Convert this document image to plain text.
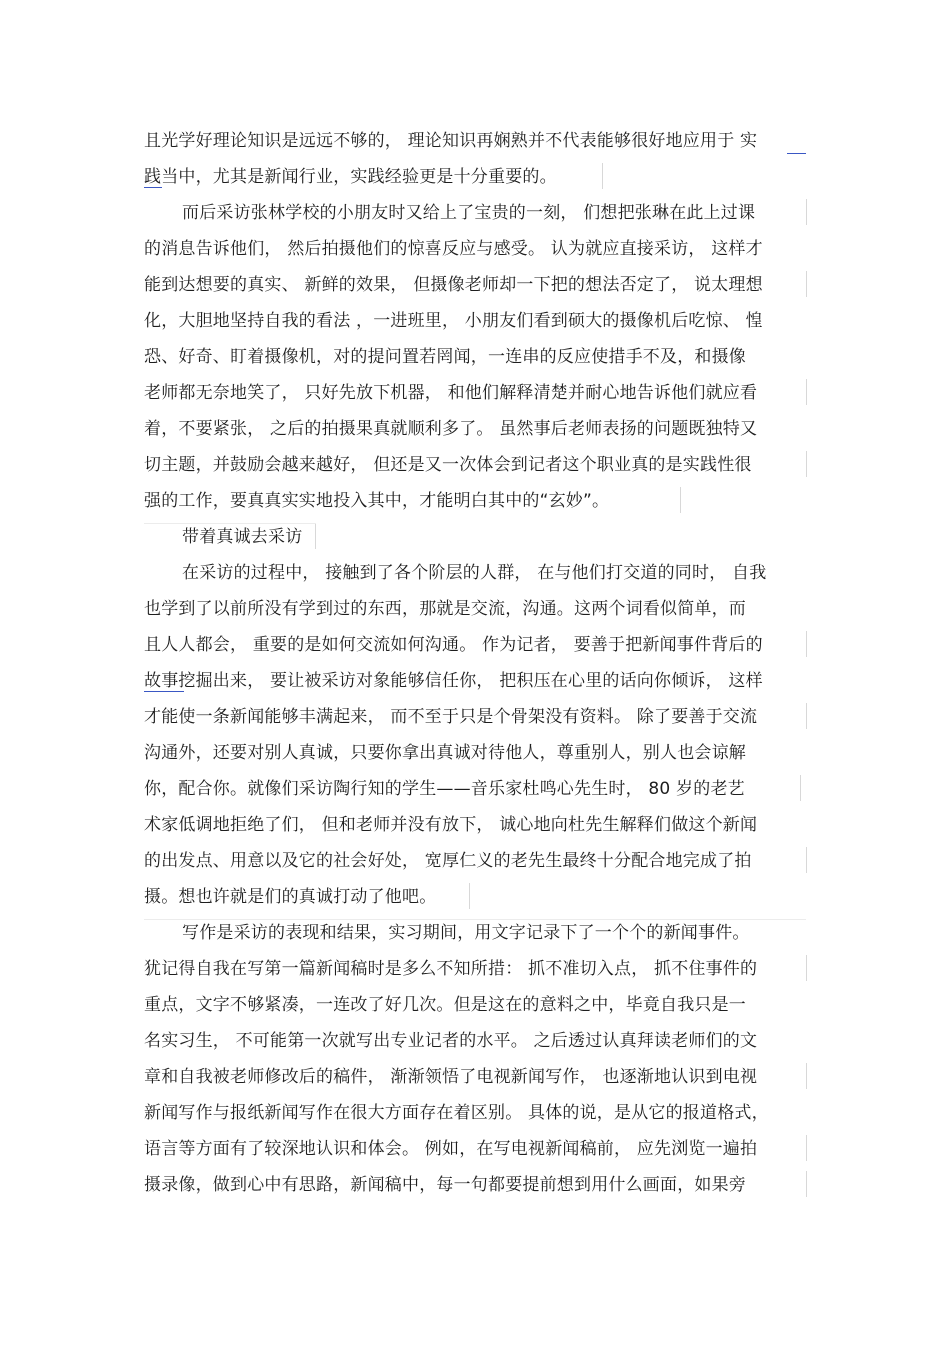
且光学好理论知识是远远不够的， 理论知识再娴熟并不代表能够很好地应用于 实
践当中，尤其是新闻行业，实践经验更是十分重要的。
而后采访张林学校的小朋友时又给上了宝贵的一刻， 们想把张琳在此上过课
的消息告诉他们， 然后拍摄他们的惊喜反应与感受。 认为就应直接采访， 这样才
能到达想要的真实、 新鲜的效果， 但摄像老师却一下把的想法否定了， 说太理想
化，大胆地坚持自我的看法 ，一进班里， 小朋友们看到硕大的摄像机后吃惊、 惶
恐、好奇、盯着摄像机，对的提问置若罔闻，一连串的反应使措手不及，和摄像
老师都无奈地笑了， 只好先放下机器， 和他们解释清楚并耐心地告诉他们就应看
着，不要紧张， 之后的拍摄果真就顺利多了。 虽然事后老师表扬的问题既独特又
切主题，并鼓励会越来越好， 但还是又一次体会到记者这个职业真的是实践性很
强的工作，要真真实实地投入其中，才能明白其中的“玄妙”。
带着真诚去采访
在采访的过程中， 接触到了各个阶层的人群， 在与他们打交道的同时， 自我
也学到了以前所没有学到过的东西，那就是交流，沟通。这两个词看似简单，而
且人人都会， 重要的是如何交流如何沟通。 作为记者， 要善于把新闻事件背后的
故事挖掘出来， 要让被采访对象能够信任你， 把积压在心里的话向你倾诉， 这样
才能使一条新闻能够丰满起来， 而不至于只是个骨架没有资料。 除了要善于交流
沟通外，还要对别人真诚，只要你拿出真诚对待他人，尊重别人，别人也会谅解
你，配合你。就像们采访陶行知的学生——音乐家杜鸣心先生时， 80 岁的老艺
术家低调地拒绝了们， 但和老师并没有放下， 诚心地向杜先生解释们做这个新闻
的出发点、用意以及它的社会好处， 宽厚仁义的老先生最终十分配合地完成了拍
摄。想也许就是们的真诚打动了他吧。
写作是采访的表现和结果，实习期间，用文字记录下了一个个的新闻事件。
犹记得自我在写第一篇新闻稿时是多么不知所措： 抓不准切入点， 抓不住事件的
重点，文字不够紧凑，一连改了好几次。但是这在的意料之中，毕竟自我只是一
名实习生， 不可能第一次就写出专业记者的水平。 之后透过认真拜读老师们的文
章和自我被老师修改后的稿件， 渐渐领悟了电视新闻写作， 也逐渐地认识到电视
新闻写作与报纸新闻写作在很大方面存在着区别。 具体的说，是从它的报道格式，
语言等方面有了较深地认识和体会。 例如，在写电视新闻稿前， 应先浏览一遍拍
摄录像，做到心中有思路，新闻稿中，每一句都要提前想到用什么画面，如果旁
